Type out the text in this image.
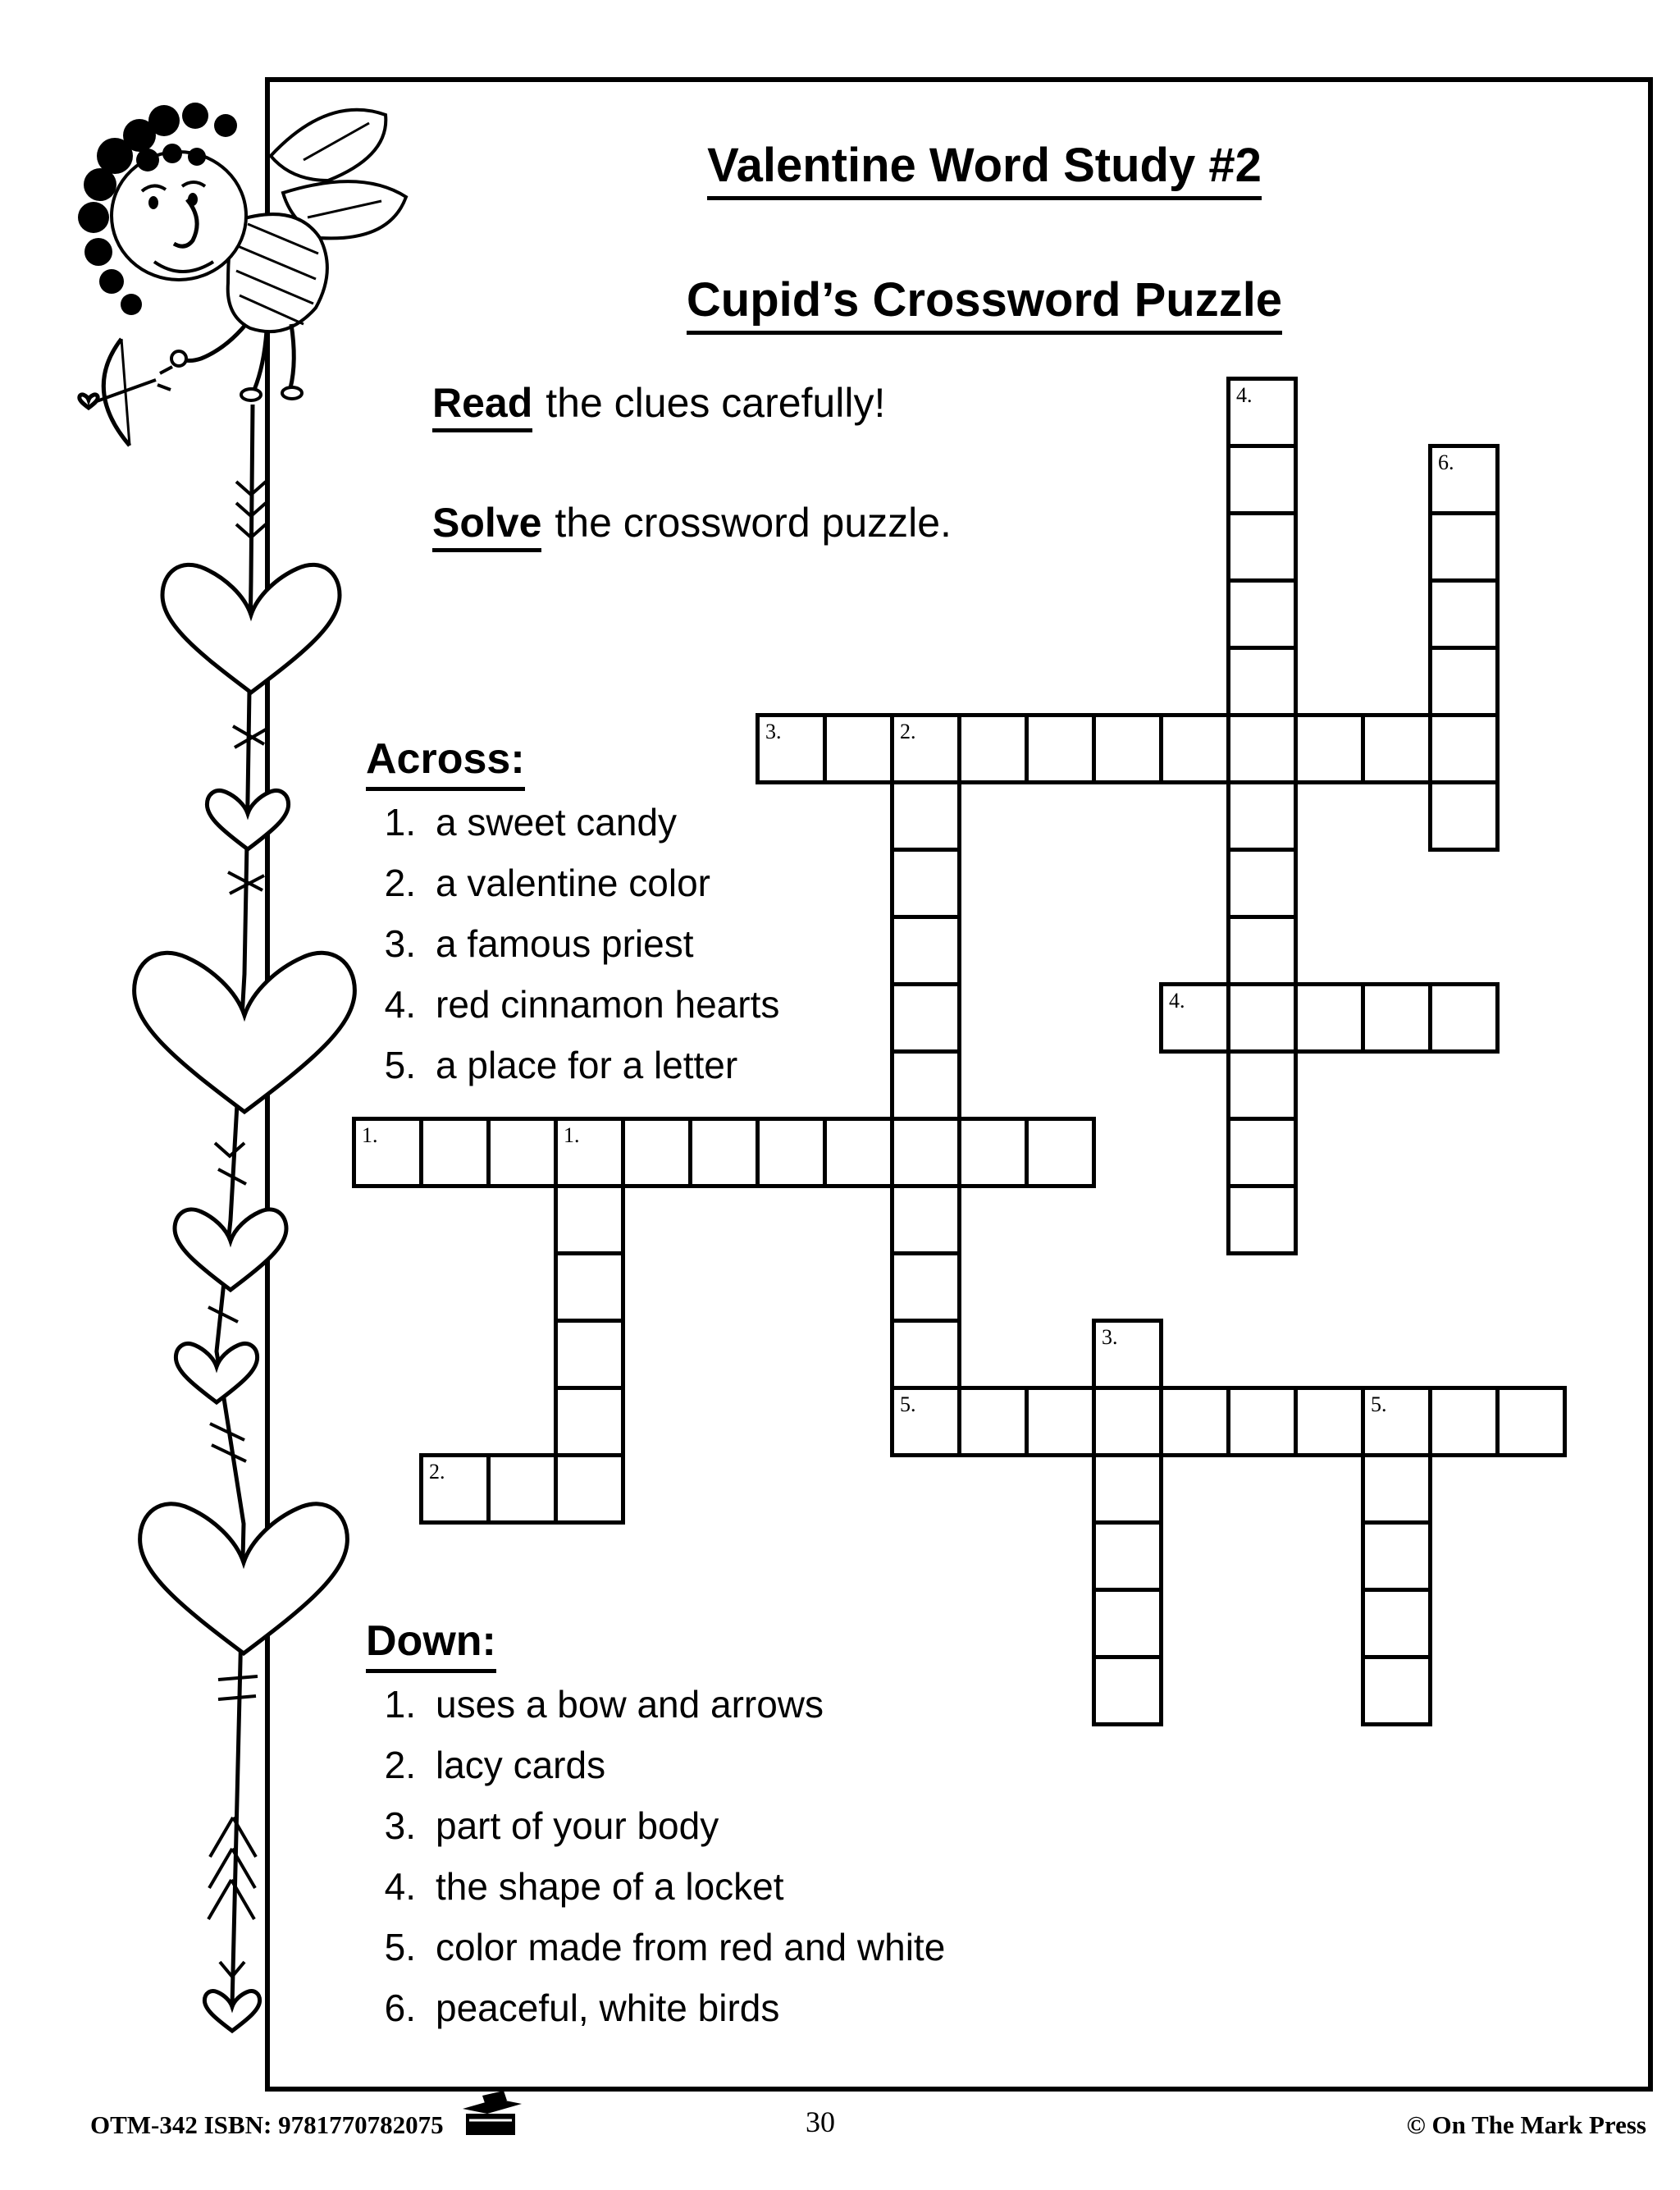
Valentine Word Study #2
Cupid’s Crossword Puzzle
Read the clues carefully!
Solve the crossword puzzle.
Across:
1. a sweet candy
2. a valentine color
3. a famous priest
4. red cinnamon hearts
5. a place for a letter
Down:
1. uses a bow and arrows
2. lacy cards
3. part of your body
4. the shape of a locket
5. color made from red and white
6. peaceful, white birds
4.
6.
3.	2.
4.
1.	1.
3.
5.	5.
2.
OTM-342 ISBN: 9781770782075	30	© On The Mark Press
